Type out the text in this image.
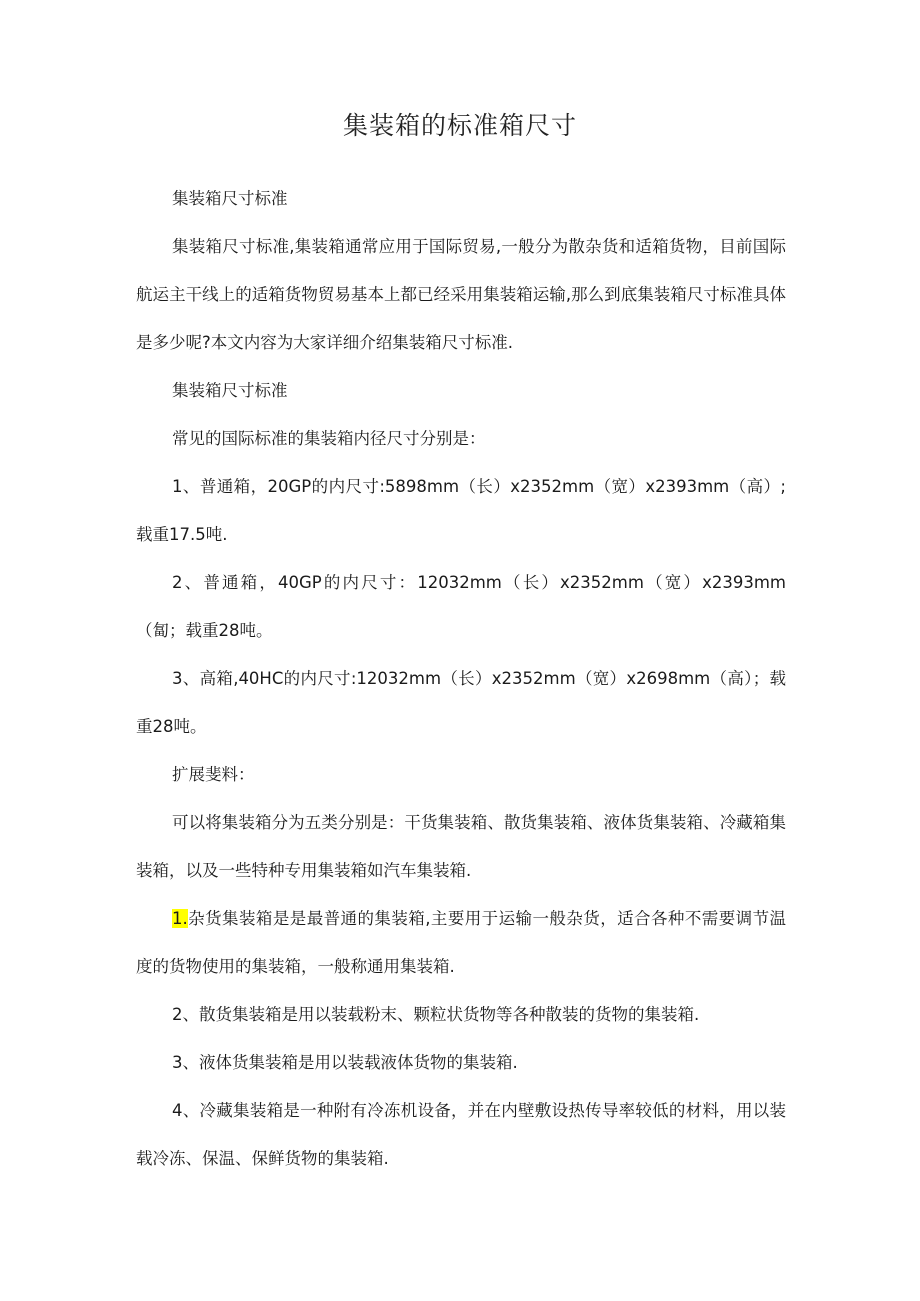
集装箱的标准箱尺寸

集装箱尺寸标准

集装箱尺寸标准,集装箱通常应用于国际贸易,一般分为散杂货和适箱货物，目前国际航运主干线上的适箱货物贸易基本上都已经采用集装箱运输,那么到底集装箱尺寸标准具体是多少呢?本文内容为大家详细介绍集装箱尺寸标准.

集装箱尺寸标准

常见的国际标准的集装箱内径尺寸分别是：

1、普通箱，20GP的内尺寸:5898mm（长）x2352mm（宽）x2393mm（高）;载重17.5吨.

2、普通箱，40GP的内尺寸：12032mm（长）x2352mm（宽）x2393mm（匐；载重28吨。

3、高箱,40HC的内尺寸:12032mm（长）x2352mm（宽）x2698mm（高）；载重28吨。

扩展斐料：

可以将集装箱分为五类分别是：干货集装箱、散货集装箱、液体货集装箱、冷藏箱集装箱，以及一些特种专用集装箱如汽车集装箱.

1.杂货集装箱是是最普通的集装箱,主要用于运输一般杂货，适合各种不需要调节温度的货物使用的集装箱，一般称通用集装箱.

2、散货集装箱是用以装载粉末、颗粒状货物等各种散装的货物的集装箱.

3、液体货集装箱是用以装载液体货物的集装箱.

4、冷藏集装箱是一种附有冷冻机设备，并在内壁敷设热传导率较低的材料，用以装载冷冻、保温、保鲜货物的集装箱.
